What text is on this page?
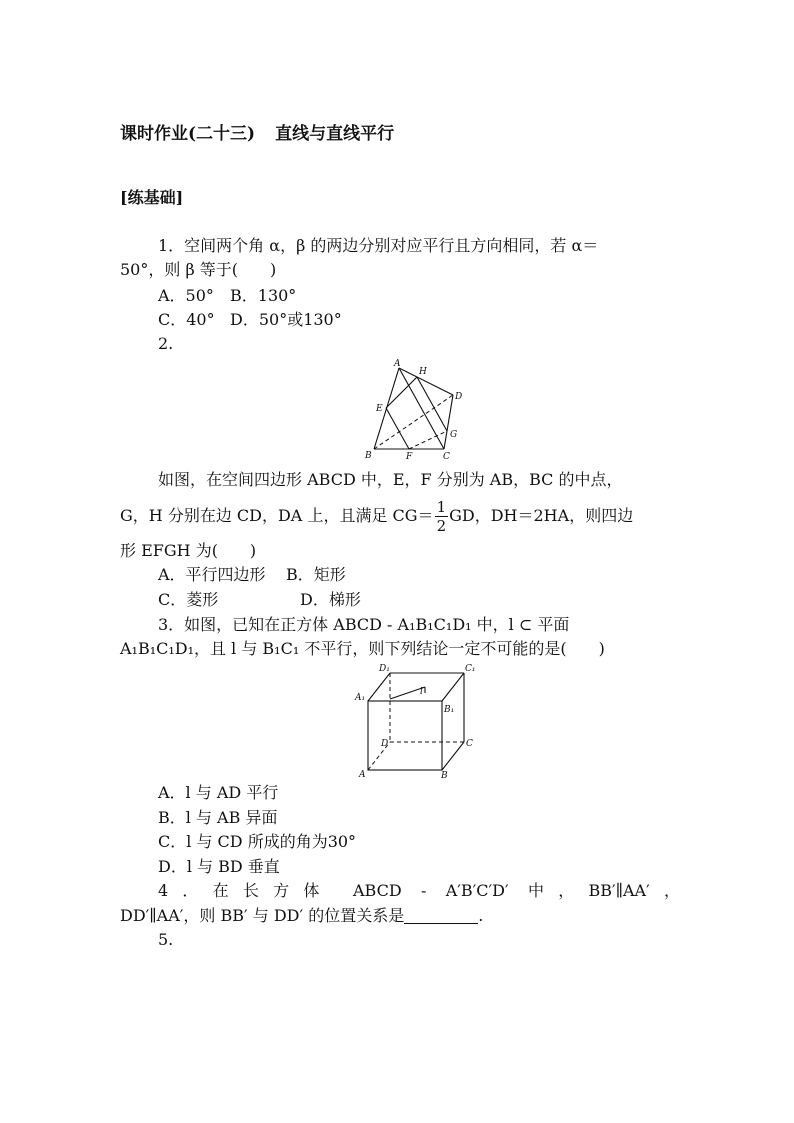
课时作业(二十三) 直线与直线平行
[练基础]
1．空间两个角 α，β 的两边分别对应平行且方向相同，若 α＝
50°，则 β 等于(　　)
A．50° B．130°
C．40° D．50°或130°
2.
A
H
D
E
G
B	F	C
如图，在空间四边形 ABCD 中，E，F 分别为 AB，BC 的中点，
G，H 分别在边 CD，DA 上，且满足 $CG= \frac{1}{2}$ GD，DH＝2HA，则四边
形 EFGH 为(　　)
A．平行四边形 B．矩形
C．菱形	D．梯形
3．如图，已知在正方体 ABCD - A₁B₁C₁D₁ 中，l ⊂ 平面
A₁B₁C₁D₁，且 l 与 B₁C₁ 不平行，则下列结论一定不可能的是(　　)
D₁	C₁
A₁
B₁
l
D	C
A	B
A．l 与 AD 平行
B．l 与 AB 异面
C．l 与 CD 所成的角为30°
D．l 与 BD 垂直
4．在长方体 ABCD - A′B′C′D′ 中，BB′∥AA′，
DD′∥AA′，则 BB′ 与 DD′ 的位置关系是	.
5.
